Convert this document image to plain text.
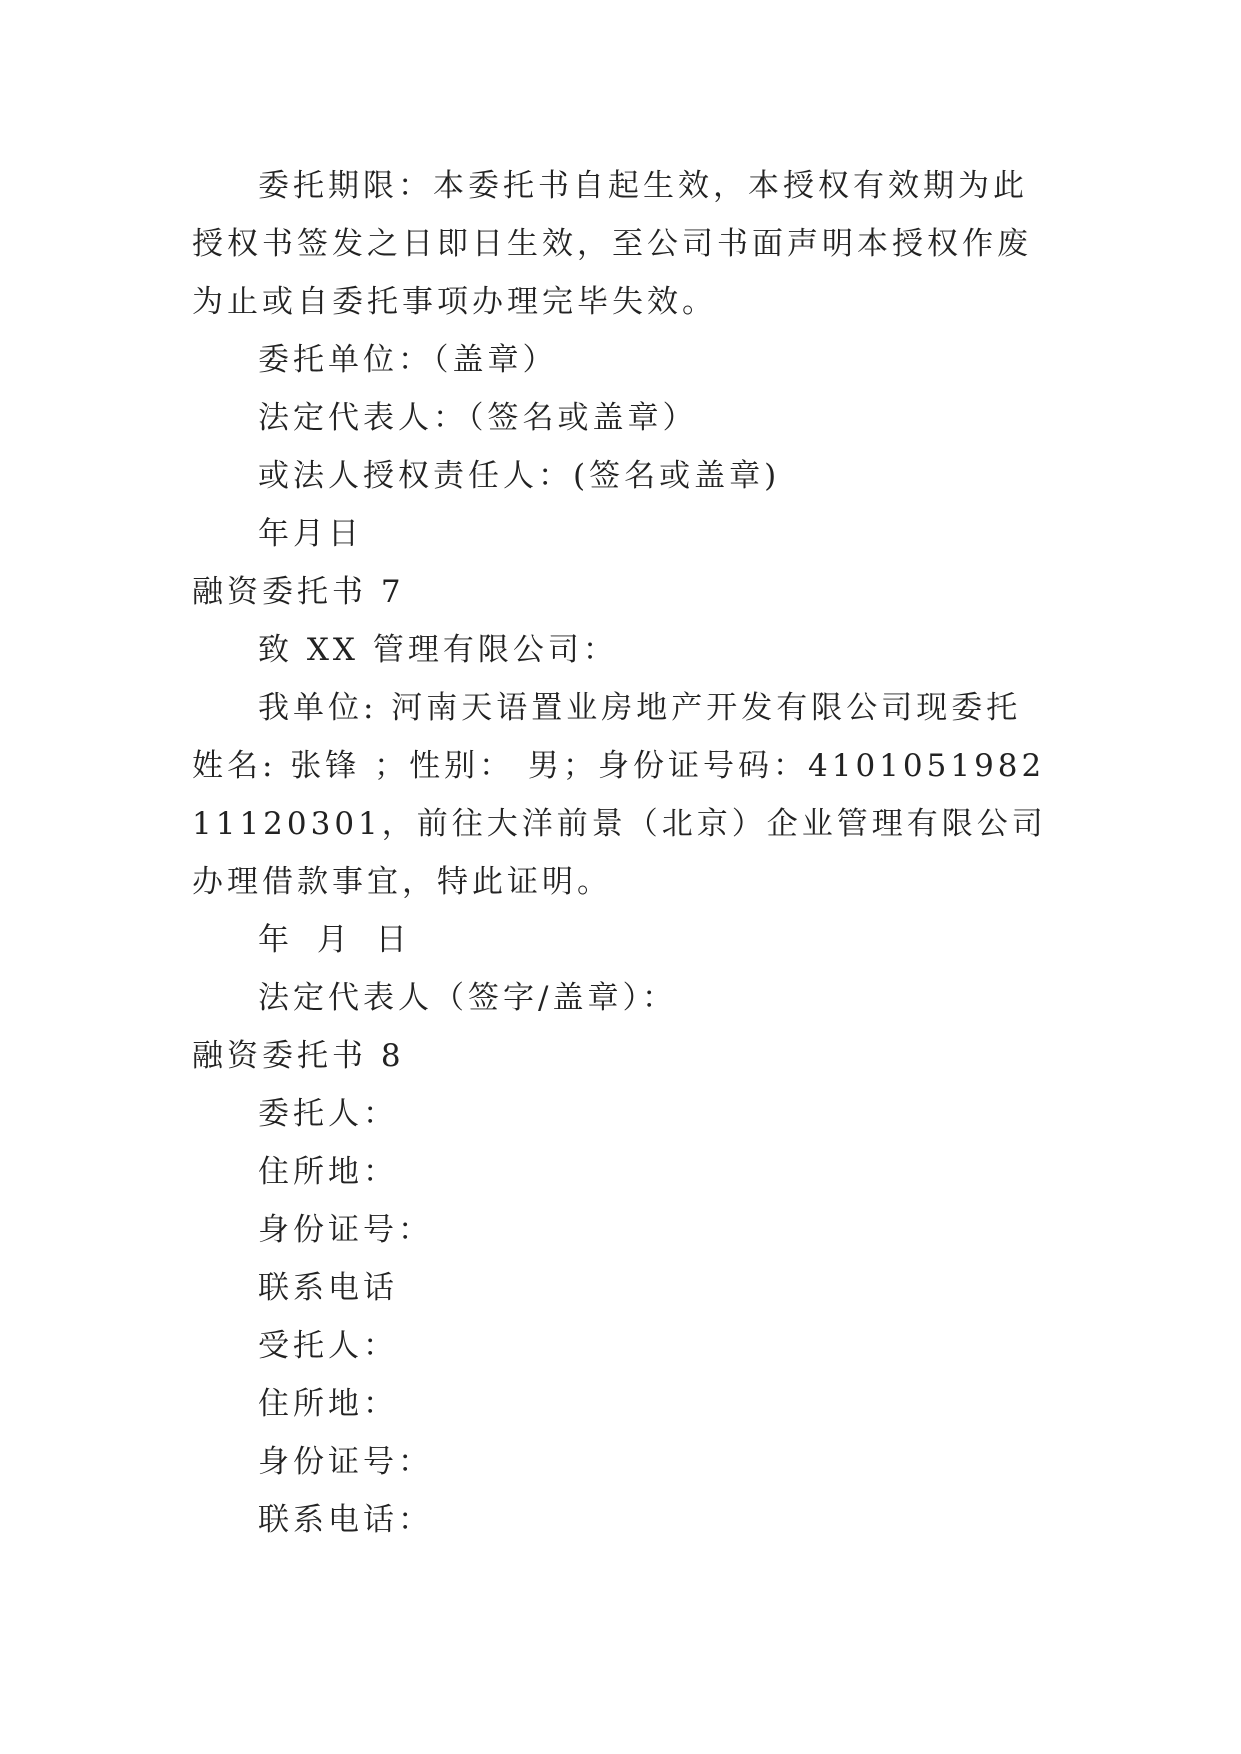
委托期限：本委托书自起生效，本授权有效期为此授权书签发之日即日生效，至公司书面声明本授权作废为止或自委托事项办理完毕失效。

委托单位：（盖章）

法定代表人：（签名或盖章）

或法人授权责任人：(签名或盖章)

年月日

融资委托书 7

致 XX 管理有限公司：

我单位: 河南天语置业房地产开发有限公司现委托姓名: 张锋 ；性别： 男；身份证号码：410105198211120301，前往大洋前景（北京）企业管理有限公司 办理借款事宜，特此证明。

年 月 日

法定代表人（签字/盖章）：

融资委托书 8

委托人：

住所地：

身份证号：

联系电话

受托人：

住所地：

身份证号：

联系电话：
